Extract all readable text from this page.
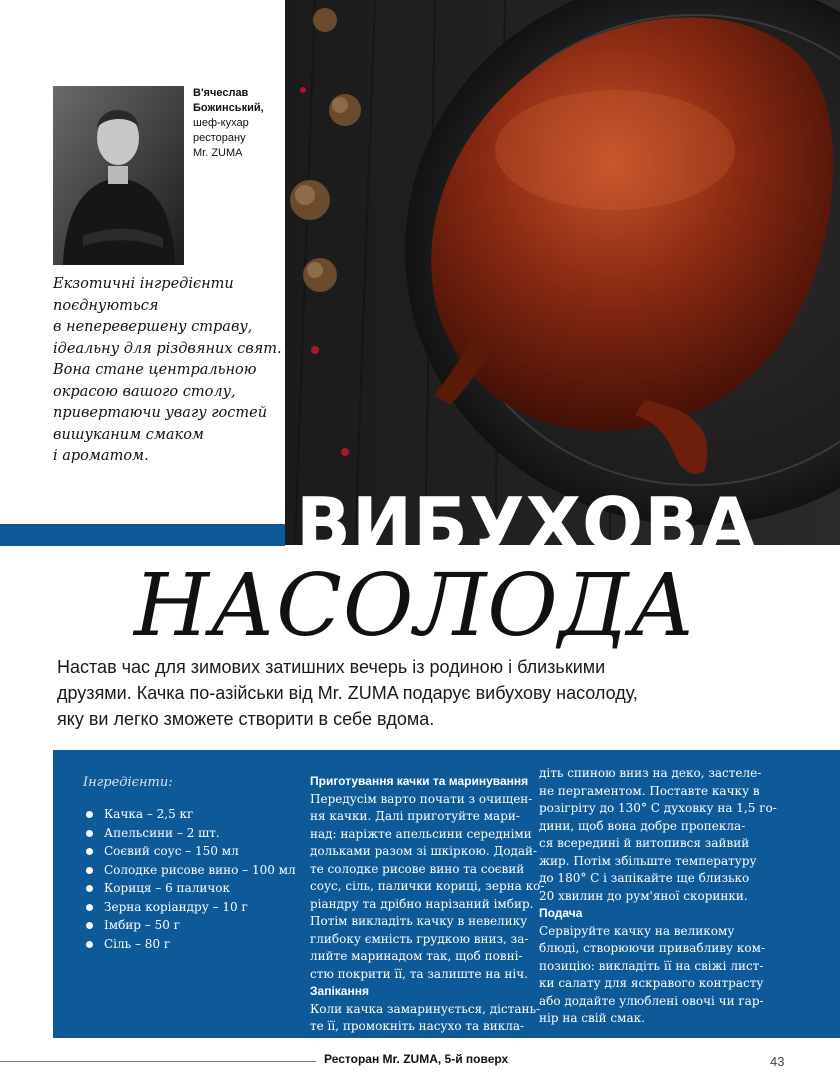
В'ячеслав
Божинський,
шеф-кухар
ресторану
Mr. ZUMA
Екзотичні інгредієнти
поєднуються
в неперевершену страву,
ідеальну для різдвяних свят.
Вона стане центральною
окрасою вашого столу,
привертаючи увагу гостей
вишуканим смаком
і ароматом.
ВИБУХОВА
НАСОЛОДА
Настав час для зимових затишних вечерь із родиною і близькими
друзями. Качка по-азійськи від Mr. ZUMA подарує вибухову насолоду,
яку ви легко зможете створити в себе вдома.
Інгредієнти:
Качка – 2,5 кг
Апельсини – 2 шт.
Соєвий соус – 150 мл
Солодке рисове вино – 100 мл
Кориця – 6 паличок
Зерна коріандру – 10 г
Імбир – 50 г
Сіль – 80 г
Приготування качки та маринування
Передусім варто почати з очищен-
ня качки. Далі приготуйте мари-
над: наріжте апельсини середніми
дольками разом зі шкіркою. Додай-
те солодке рисове вино та соєвий
соус, сіль, палички кориці, зерна ко-
ріандру та дрібно нарізаний імбир.
Потім викладіть качку в невелику
глибоку ємність грудкою вниз, за-
лийте маринадом так, щоб повні-
стю покрити її, та залиште на ніч.
Запікання
Коли качка замаринується, дістань-
те її, промокніть насухо та викла-
діть спиною вниз на деко, застеле-
не пергаментом. Поставте качку в
розігріту до 130° С духовку на 1,5 го-
дини, щоб вона добре пропекла-
ся всередині й витопився зайвий
жир. Потім збільште температуру
до 180° С і запікайте ще близько
20 хвилин до рум'яної скоринки.
Подача
Сервіруйте качку на великому
блюді, створюючи привабливу ком-
позицію: викладіть її на свіжі лист-
ки салату для яскравого контрасту
або додайте улюблені овочі чи гар-
нір на свій смак.
Ресторан Mr. ZUMA, 5-й поверх	43
